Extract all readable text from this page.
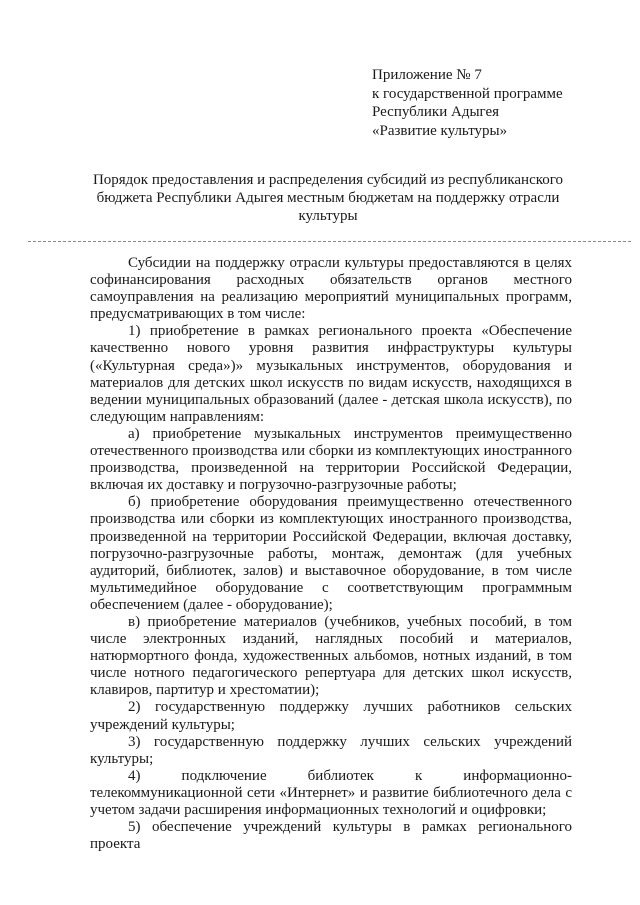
Приложение № 7
к государственной программе
Республики Адыгея
«Развитие культуры»
Порядок предоставления и распределения субсидий из республиканского бюджета Республики Адыгея местным бюджетам на поддержку отрасли культуры

Субсидии на поддержку отрасли культуры предоставляются в целях софинансирования расходных обязательств органов местного самоуправления на реализацию мероприятий муниципальных программ, предусматривающих в том числе:

1) приобретение в рамках регионального проекта «Обеспечение качественно нового уровня развития инфраструктуры культуры («Культурная среда»)» музыкальных инструментов, оборудования и материалов для детских школ искусств по видам искусств, находящихся в ведении муниципальных образований (далее - детская школа искусств), по следующим направлениям:

а) приобретение музыкальных инструментов преимущественно отечественного производства или сборки из комплектующих иностранного производства, произведенной на территории Российской Федерации, включая их доставку и погрузочно-разгрузочные работы;

б) приобретение оборудования преимущественно отечественного производства или сборки из комплектующих иностранного производства, произведенной на территории Российской Федерации, включая доставку, погрузочно-разгрузочные работы, монтаж, демонтаж (для учебных аудиторий, библиотек, залов) и выставочное оборудование, в том числе мультимедийное оборудование с соответствующим программным обеспечением (далее - оборудование);

в) приобретение материалов (учебников, учебных пособий, в том числе электронных изданий, наглядных пособий и материалов, натюрмортного фонда, художественных альбомов, нотных изданий, в том числе нотного педагогического репертуара для детских школ искусств, клавиров, партитур и хрестоматии);

2) государственную поддержку лучших работников сельских учреждений культуры;

3) государственную поддержку лучших сельских учреждений культуры;

4) подключение библиотек к информационно-телекоммуникационной сети «Интернет» и развитие библиотечного дела с учетом задачи расширения информационных технологий и оцифровки;

5) обеспечение учреждений культуры в рамках регионального проекта
